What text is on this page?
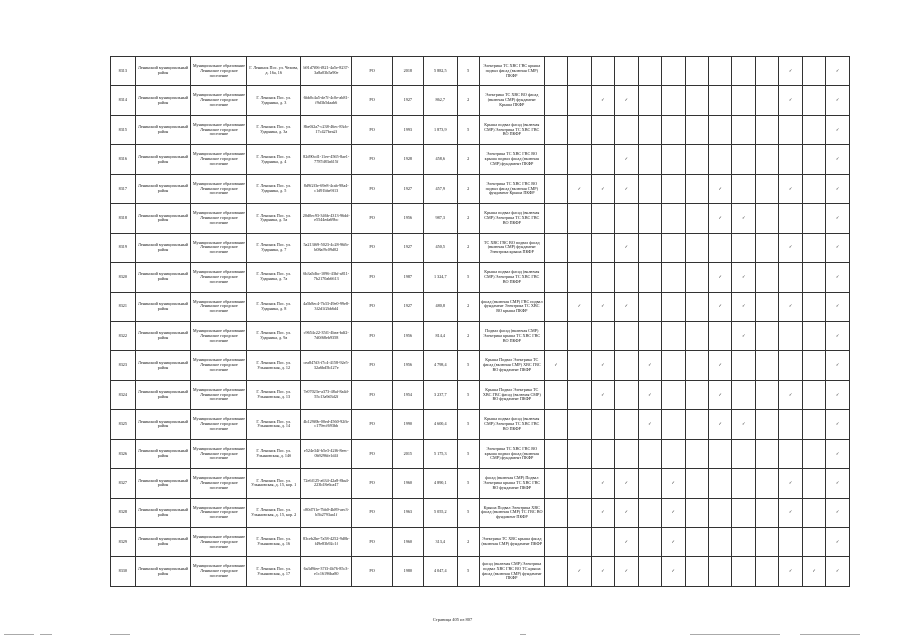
8313	Ленинский муниципальный район	Муниципальное образование Ленинское городское поселение	Г. Ленинск Пос. ул. Чехова, д. 16а, 16	b91d7f06-f821-4a5e-8237-3a8a03b5a90e	РО	2018	5 882,5	5	Электрика ТС ХВС ГВС крыша подвал фасад (включая СМР) ПКФР											✓		✓
8314	Ленинский муниципальный район	Муниципальное образование Ленинское городское поселение	Г. Ленинск Пос. ул. Ударника, д. 3	6bb0c4a5-de7f-4c0e-ab81-f9d3b5daab6	РО	1927	862,7	2	Электрика ТС ХВС ВО фасад (включая СМР) фундамент Крыша ПКФР			✓	✓							✓		✓
8315	Ленинский муниципальный район	Муниципальное образование Ленинское городское поселение	Г. Ленинск Пос. ул. Ударника, д. 3а	8be0f2a7-c238-46ec-83cb-17c427bea2f	РО	1993	1 873,9	5	Крыша подвал фасад (включая СМР) Электрика ТС ХВС ГВС ВО ПКФР													✓
8316	Ленинский муниципальный район	Муниципальное образование Ленинское городское поселение	Г. Ленинск Пос. ул. Ударника, д. 4	82d90cd1-11ee-4565-8ae1-7787d83a615f	РО	1928	458,6	2	Электрика ТС ХВС ГВС ВО крыша подвал фасад (включая СМР) фундамент ПКФР				✓									✓
8317	Ленинский муниципальный район	Муниципальное образование Ленинское городское поселение	Г. Ленинск Пос. ул. Ударника, д. 5	8d9f2f3e-69e8-4cab-98a4-c1d91bbe9f13	РО	1927	457,9	2	Электрика ТС ХВС ГВС ВО подвал фасад (включая СМР) фундамент Крыша ПКФР		✓	✓	✓				✓			✓		✓
8318	Ленинский муниципальный район	Муниципальное образование Ленинское городское поселение	Г. Ленинск Пос. ул. Ударника, д. 5а	20d0ec93-346b-4313-96dd-e5544eda69bc	РО	1956	987,3	2	Крыша подвал фасад (включая СМР) Электрика ТС ХВС ГВС ВО ПКФР								✓	✓				✓
8319	Ленинский муниципальный район	Муниципальное образование Ленинское городское поселение	Г. Ленинск Пос. ул. Ударника, д. 7	5a213f69-5023-4c28-96fb-b08af9c09d02	РО	1927	450,5	2	ТС ХВС ГВС ВО подвал фасад (включая СМР) фундамент Электрика крыша ПКФР				✓							✓		✓
8320	Ленинский муниципальный район	Муниципальное образование Ленинское городское поселение	Г. Ленинск Пос. ул. Ударника, д. 7а	6b3a5dbc-1096-43bf-a811-7b2170ab6613	РО	1987	1 324,7	5	Крыша подвал фасад (включая СМР) Электрика ТС ХВС ГВС ВО ПКФР								✓	✓				✓
8321	Ленинский муниципальный район	Муниципальное образование Ленинское городское поселение	Г. Ленинск Пос. ул. Ударника, д. 8	4a5b8ec4-7b33-49e0-99e8-3f2d1f2bb6d4	РО	1927	480,8	2	фасад (включая СМР) ГВС подвал фундамент Электрика ТС ХВС ВО крыша ПКФР		✓	✓	✓				✓	✓		✓		✓
8322	Ленинский муниципальный район	Муниципальное образование Ленинское городское поселение	Г. Ленинск Пос. ул. Ударника, д. 9а	c9654c22-35f1-4bea-bdf2-7d0f68eb9358	РО	1956	814,4	2	Подвал фасад (включая СМР) Электрика крыша ТС ХВС ГВС ВО ПКФР									✓				✓
8323	Ленинский муниципальный район	Муниципальное образование Ленинское городское поселение	Г. Ленинск Пос. ул. Ульяновская, д. 12	cea847d3-f7c4-4158-92e5-32a6bd5b127e	РО	1956	4 798,4	5	Крыша Подвал Электрика ТС фасад (включая СМР) ХВС ГВС ВО фундамент ПКФР	✓		✓		✓			✓					✓
8324	Ленинский муниципальный район	Муниципальное образование Ленинское городское поселение	Г. Ленинск Пос. ул. Ульяновская, д. 13	7e07023e-a373-48af-8a4d-55c13a9d3d2f	РО	1954	3 237,7	5	Крыша Подвал Электрика ТС ХВС ГВС фасад (включая СМР) ВО фундамент ПКФР			✓		✓			✓			✓		✓
8325	Ленинский муниципальный район	Муниципальное образование Ленинское городское поселение	Г. Ленинск Пос. ул. Ульяновская, д. 14	4b129f0b-00ed-4560-92fb-c179ecf693bb	РО	1990	4 600,4	5	Крыша подвал фасад (включая СМР) Электрика ТС ХВС ГВС ВО ПКФР					✓			✓	✓				✓
8326	Ленинский муниципальный район	Муниципальное образование Ленинское городское поселение	Г. Ленинск Пос. ул. Ульяновская, д. 14б	e524e34f-b5e3-42f6-8eec-0b9296fe1d4f	РО	2015	5 175,3	5	Электрика ТС ХВС ГВС ВО крыша подвал фасад (включая СМР) фундамент ПКФР													✓
8327	Ленинский муниципальный район	Муниципальное образование Ленинское городское поселение	Г. Ленинск Пос. ул. Ульяновская, д. 15, кор. 1	72e6f125-a634-42a8-8ba4-223b18e6ca47	РО	1960	4 890,1	5	фасад (включая СМР) Подвал Электрика крыша ТС ХВС ГВС ВО фундамент ПКФР			✓	✓		✓					✓		✓
8328	Ленинский муниципальный район	Муниципальное образование Ленинское городское поселение	Г. Ленинск Пос. ул. Ульяновская, д. 15, кор. 2	c80d7f1e-7bb0-4b89-aec3-b5b2793aa1f	РО	1963	5 055,2	5	Крыша Подвал Электрика ХВС фасад (включая СМР) ТС ГВС ВО фундамент ПКФР			✓	✓		✓					✓		✓
8329	Ленинский муниципальный район	Муниципальное образование Ленинское городское поселение	Г. Ленинск Пос. ул. Ульяновская, д. 16	83ceb2be-7a58-4252-9d0b-f49e83b92c1f	РО	1960	313,4	2	Электрика ТС ХВС крыша фасад (включая СМР) фундамент ПКФР				✓		✓							✓
8330	Ленинский муниципальный район	Муниципальное образование Ленинское городское поселение	Г. Ленинск Пос. ул. Ульяновская, д. 17	6a3d9fee-37f3-4b76-85c3-e1c16196ba80	РО	1980	4 047,4	5	фасад (включая СМР) Электрика подвал ХВС ГВС ВО ТС крыша фасад (включая СМР) фундамент ПКФР		✓	✓	✓		✓					✓	✓	✓
Страница 405 из 807
